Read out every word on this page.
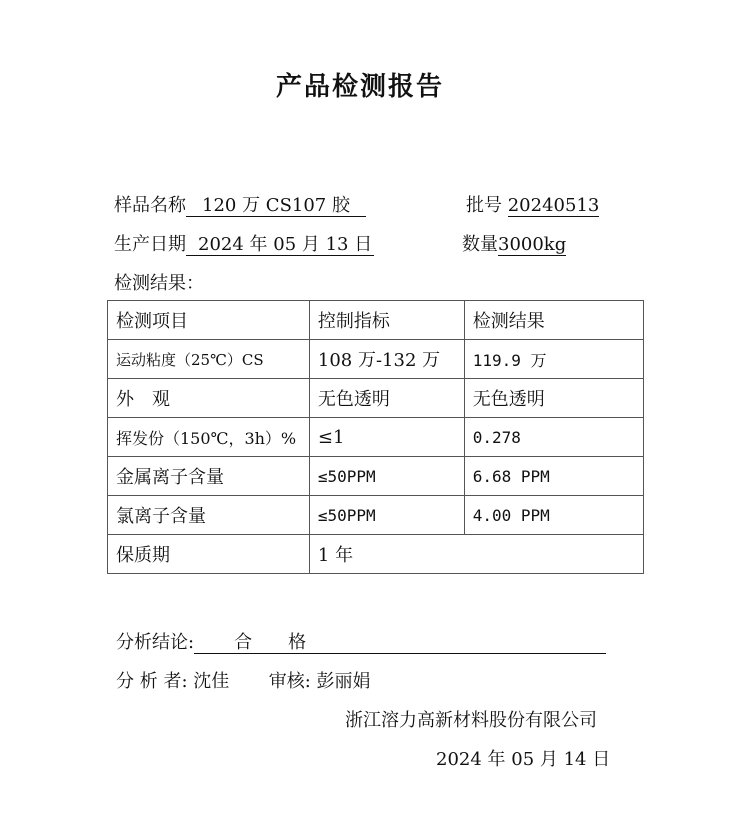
产品检测报告
样品名称 120 万 CS107 胶	批号 20240513
生产日期 2024 年 05 月 13 日	数量3000kg
检测结果：
检测项目	控制指标	检测结果
运动粘度（25℃）CS	108 万-132 万	119.9 万
外　观	无色透明	无色透明
挥发份（150℃，3h）%	≤1	0.278
金属离子含量	≤50PPM	6.68 PPM
氯离子含量	≤50PPM	4.00 PPM
保质期	1 年	
分析结论: 合　　格
分 析 者: 沈佳 审核: 彭丽娟
浙江溶力高新材料股份有限公司
2024 年 05 月 14 日
